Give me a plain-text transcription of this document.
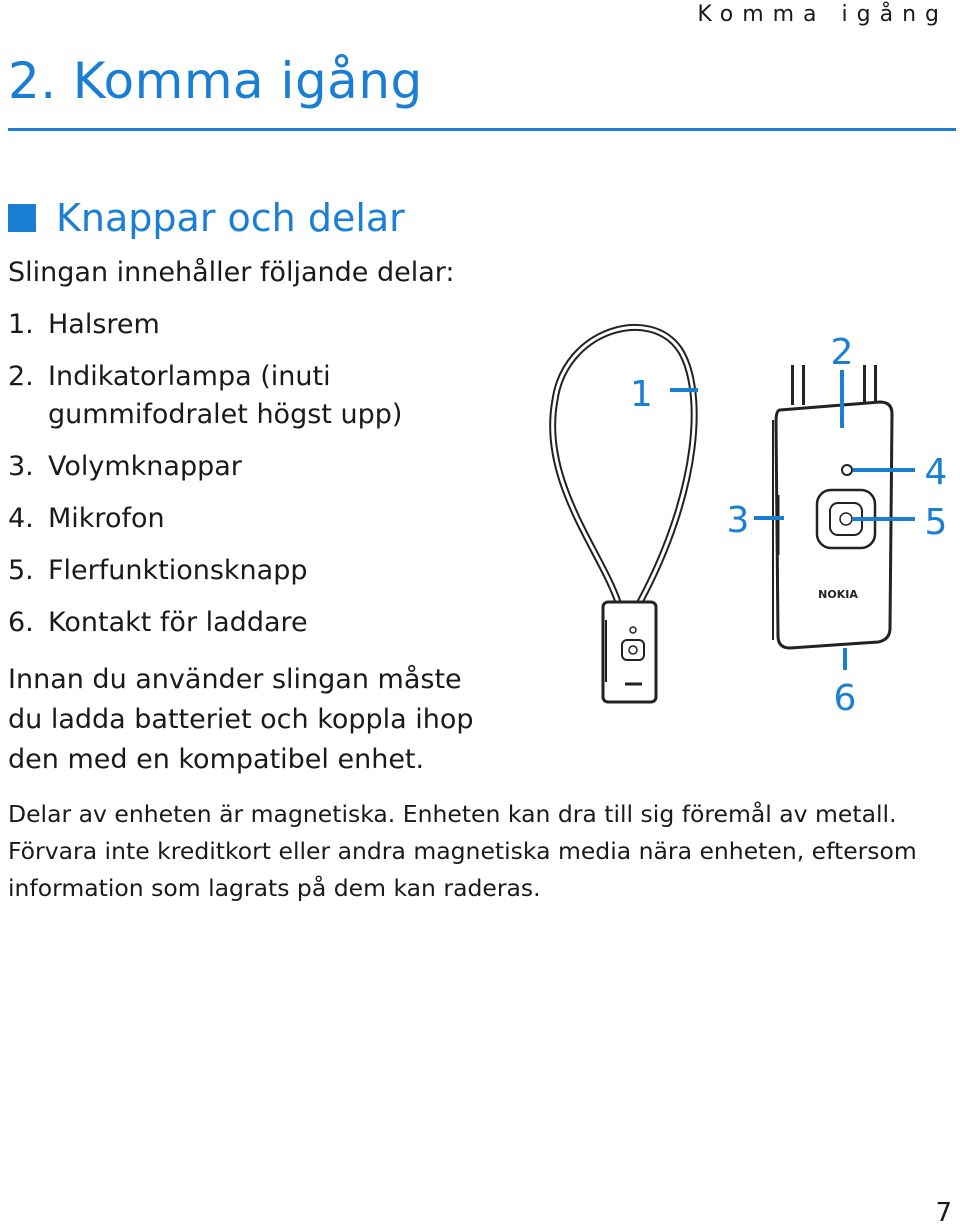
Komma igång
2. Komma igång
Knappar och delar

Slingan innehåller följande delar:

1. Halsrem
2. Indikatorlampa (inuti gummifodralet högst upp)
3. Volymknappar
4. Mikrofon
5. Flerfunktionsknapp
6. Kontakt för laddare

Innan du använder slingan måste du ladda batteriet och koppla ihop den med en kompatibel enhet.

1
NOKIA
2
3
4
5
6

Delar av enheten är magnetiska. Enheten kan dra till sig föremål av metall. Förvara inte kreditkort eller andra magnetiska media nära enheten, eftersom information som lagrats på dem kan raderas.

7
